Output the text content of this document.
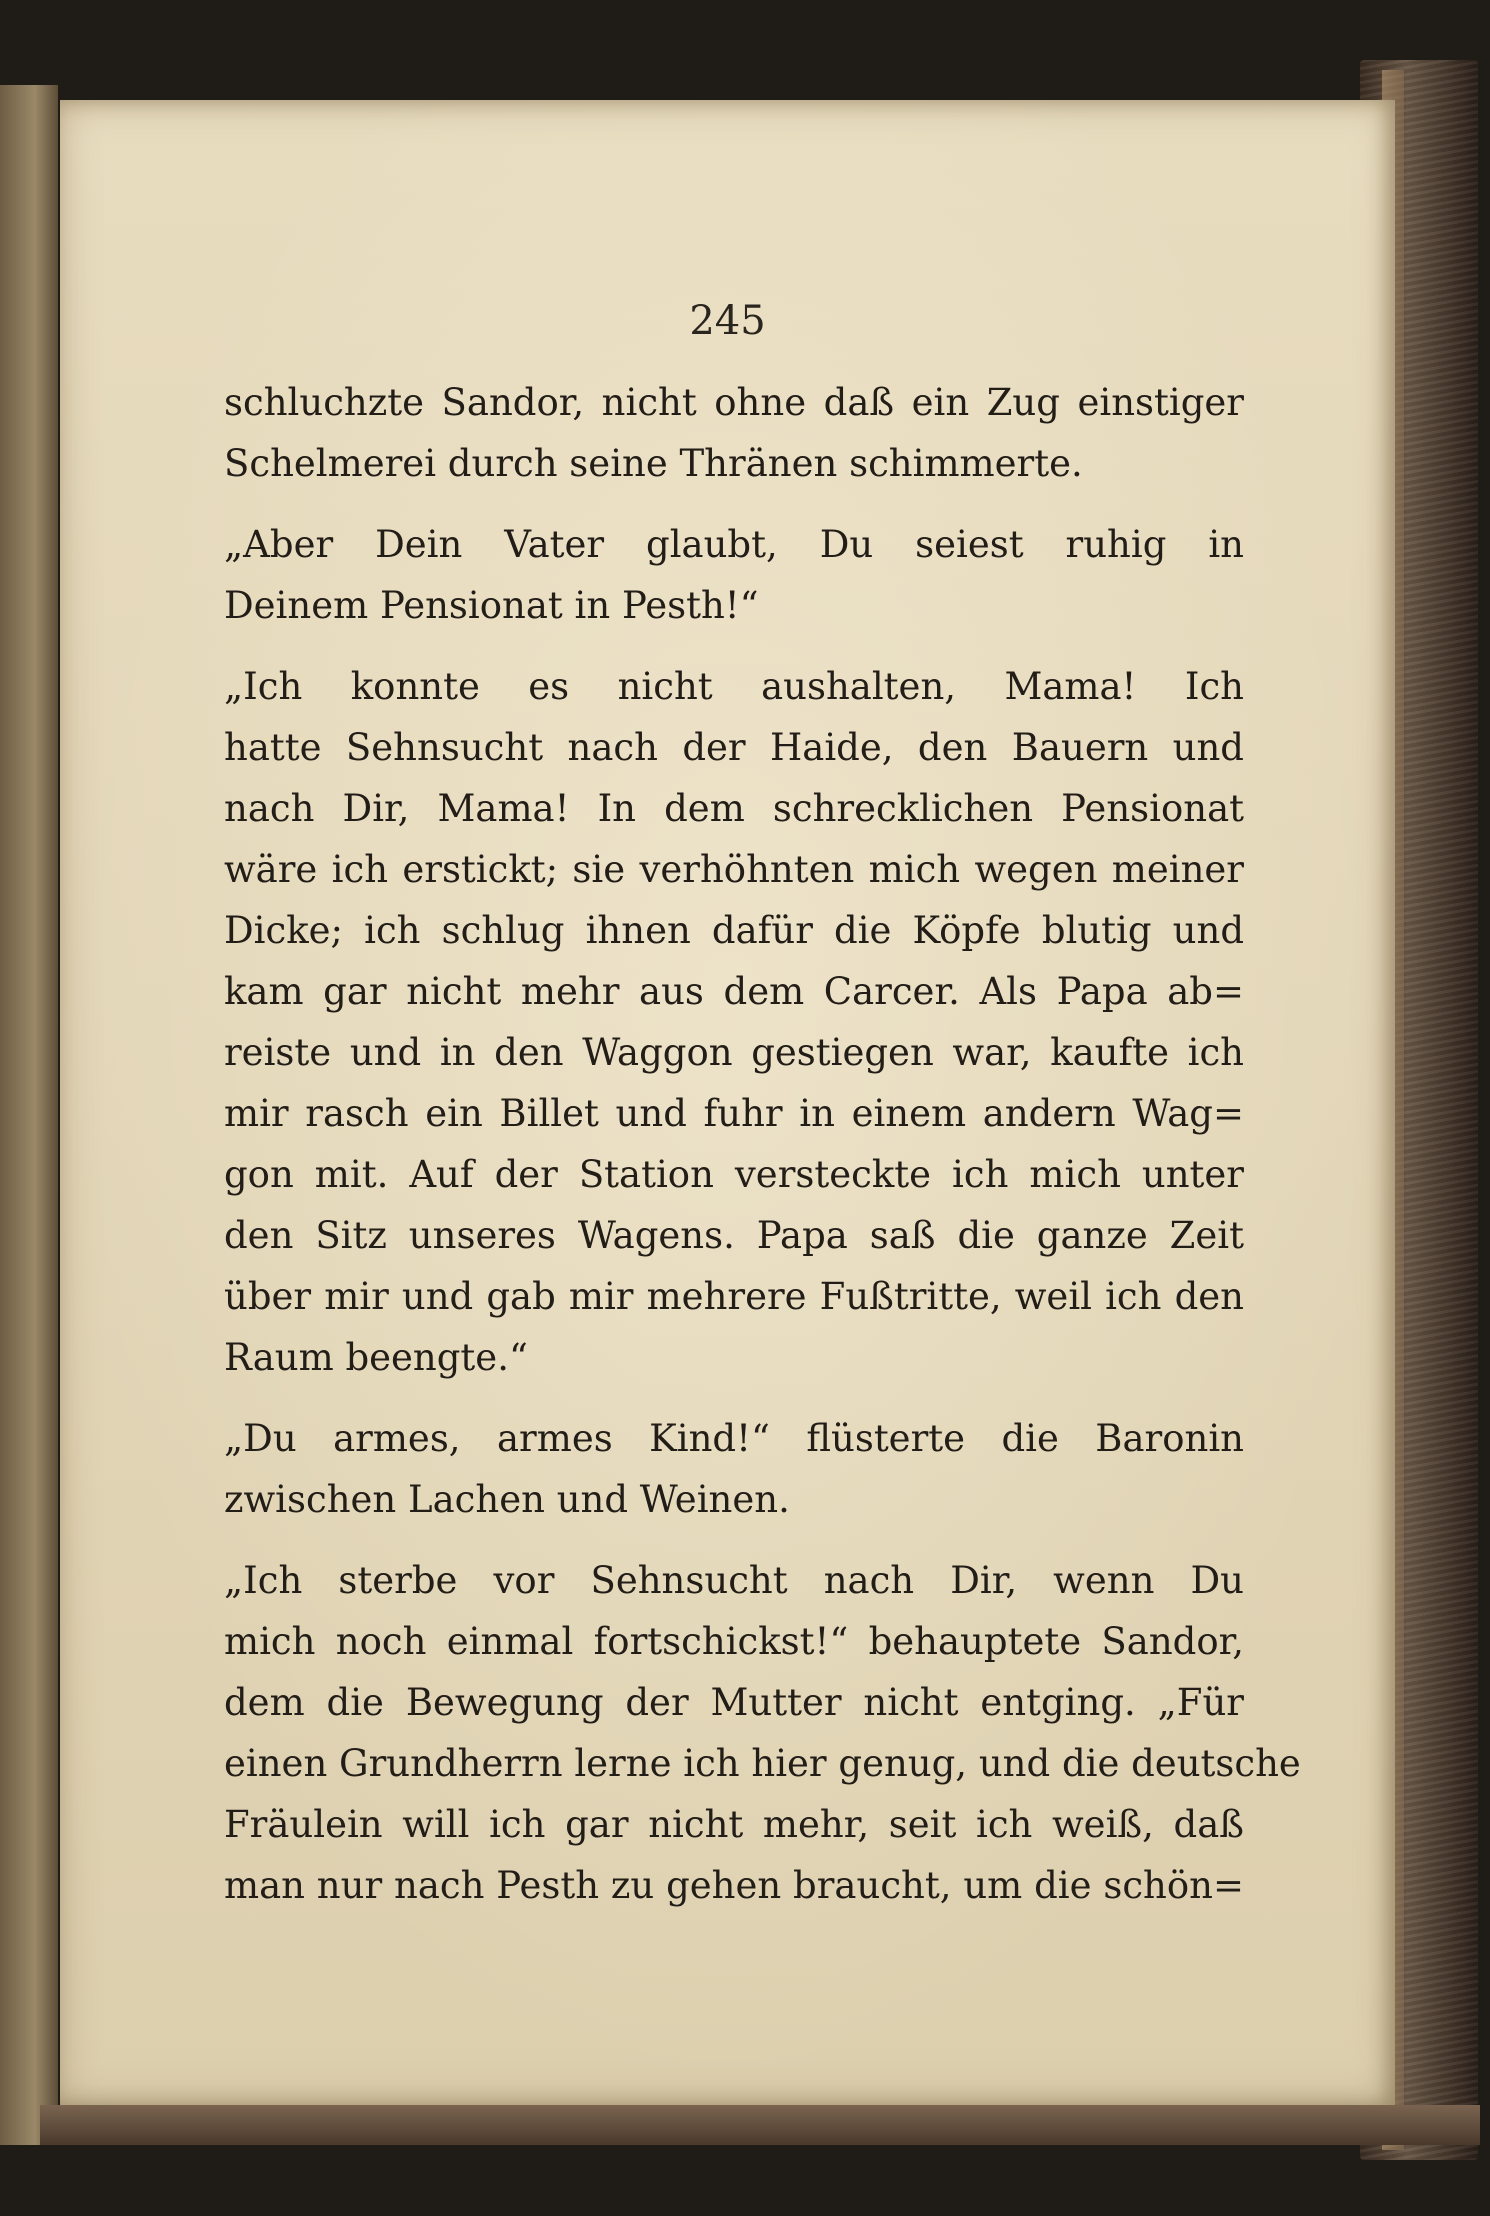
245
schluchzte Sandor, nicht ohne daß ein Zug einstiger
Schelmerei durch seine Thränen schimmerte.
„Aber Dein Vater glaubt, Du seiest ruhig in
Deinem Pensionat in Pesth!“
„Ich konnte es nicht aushalten, Mama! Ich
hatte Sehnsucht nach der Haide, den Bauern und
nach Dir, Mama! In dem schrecklichen Pensionat
wäre ich erstickt; sie verhöhnten mich wegen meiner
Dicke; ich schlug ihnen dafür die Köpfe blutig und
kam gar nicht mehr aus dem Carcer. Als Papa ab=
reiste und in den Waggon gestiegen war, kaufte ich
mir rasch ein Billet und fuhr in einem andern Wag=
gon mit. Auf der Station versteckte ich mich unter
den Sitz unseres Wagens. Papa saß die ganze Zeit
über mir und gab mir mehrere Fußtritte, weil ich den
Raum beengte.“
„Du armes, armes Kind!“ flüsterte die Baronin
zwischen Lachen und Weinen.
„Ich sterbe vor Sehnsucht nach Dir, wenn Du
mich noch einmal fortschickst!“ behauptete Sandor,
dem die Bewegung der Mutter nicht entging. „Für
einen Grundherrn lerne ich hier genug, und die deutsche
Fräulein will ich gar nicht mehr, seit ich weiß, daß
man nur nach Pesth zu gehen braucht, um die schön=
